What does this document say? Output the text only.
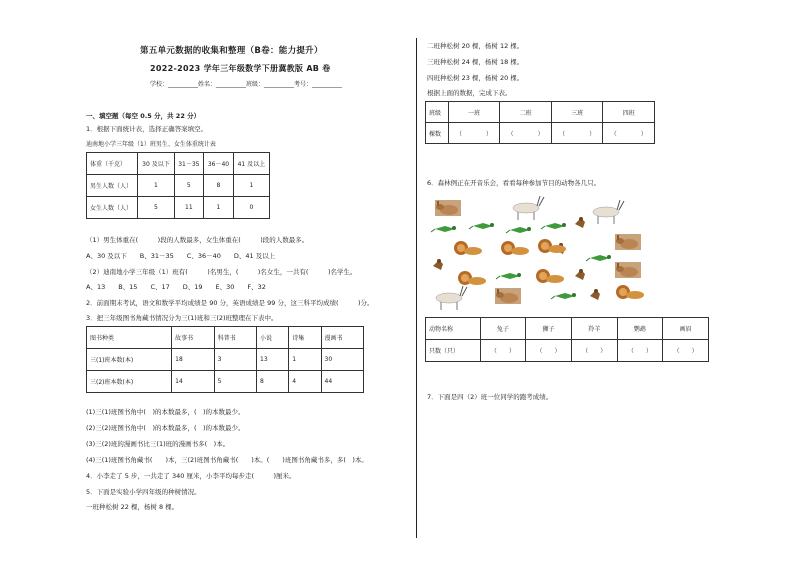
第五单元数据的收集和整理（B卷：能力提升）
2022-2023 学年三年级数学下册冀教版 AB 卷
学校：__________姓名：__________班级：__________考号：__________
一、填空题（每空 0.5 分，共 22 分）
1．根据下面统计表，选择正确答案填空。
迪南地小学三年级（1）班男生、女生体重统计表
体重（千克）	30 及以下	31－35	36－40	41 及以上
男生人数（人）	1	5	8	1
女生人数（人）	5	11	1	0
（1）男生体重在(　　　)段的人数最多，女生体重在(　　　)段的人数最多。
A、30 及以下　　B、31－35　　C、36－40　　D、41 及以上
（2）迪南地小学三年级（1）班有(　　　)名男生，(　　　)名女生，一共有(　　　)名学生。
A、13　　B、15　　C、17　　D、19　　E、30　　F、32
2．前面期末考试，语文和数学平均成绩是 90 分，英语成绩是 99 分，这三科平均成绩(　　　)分。
3．把三年级图书角藏书情况分为三(1)班和三(2)班整理在下表中。
图书种类	故事书	科普书	小说	诗集	漫画书
三(1)班本数(本)	18	3	13	1	30
三(2)班本数(本)	14	5	8	4	44
(1)三(1)班图书角中(　)的本数最多，(　)的本数最少。
(2)三(2)班图书角中(　)的本数最多，(　)的本数最少。
(3)三(2)班的漫画书比三(1)班的漫画书多(　)本。
(4)三(1)班图书角藏书(　　)本，三(2)班图书角藏书(　　)本。(　　)班图书角藏书多，多(　)本。
4．小李走了 5 步，一共走了 340 厘米，小李平均每步走(　　　)厘米。
5．下面是实验小学四年级的种树情况。
一班种松树 22 棵，杨树 8 棵。
二班种松树 20 棵，杨树 12 棵。
三班种松树 24 棵，杨树 18 棵。
四班种松树 23 棵，杨树 20 棵。
根据上面的数据，完成下表。
班级	一班	二班	三班	四班
棵数	（　　　　）	（　　　　）	（　　　　）	（　　　　）
6．森林例正在开音乐会，看看每种参加节目的动物各几只。
动物名称	兔子	狮子	羚羊	鹦鹉	画眉
只数（只）	（　　）	（　　）	（　　）	（　　）	（　　）
7．下面是四（2）班一位同学的跑考成绩。
